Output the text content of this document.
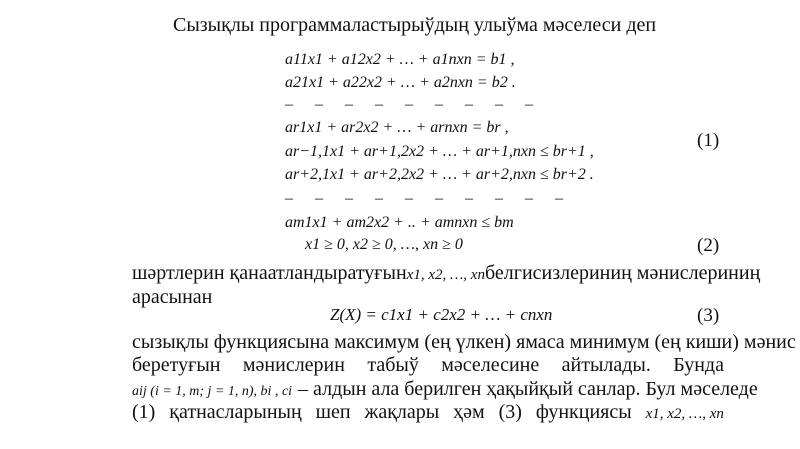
Сызықлы программаластырыўдың улыўма мәселеси деп
a11x1 + a12x2 + … + a1nxn = b1 ,
a21x1 + a22x2 + … + a2nxn = b2 .
– – – – – – – – –
ar1x1 + ar2x2 + … + arnxn = br ,
ar−1,1x1 + ar+1,2x2 + … + ar+1,nxn ≤ br+1 ,
ar+2,1x1 + ar+2,2x2 + … + ar+2,nxn ≤ br+2 .
– – – – – – – – – –
am1x1 + am2x2 + .. + amnxn ≤ bm
(1)
x1 ≥ 0, x2 ≥ 0, …, xn ≥ 0	(2)
шәртлерин қанаатландыратуғын x1, x2, …, xn белгисизлериниң мәнислериниң
арасынан
Z(X) = c1x1 + c2x2 + … + cnxn	(3)
сызықлы функциясына максимум (ең үлкен) ямаса минимум (ең киши) мәнис
беретуғын мәнислерин табыў мәселесине айтылады. Бунда
aij (i = 1, m; j = 1, n), bi , ci – алдын ала берилген ҳақыйқый санлар. Бул мәселеде
(1) қатнасларының шеп жақлары ҳәм (3) функциясы x1, x2, …, xn
